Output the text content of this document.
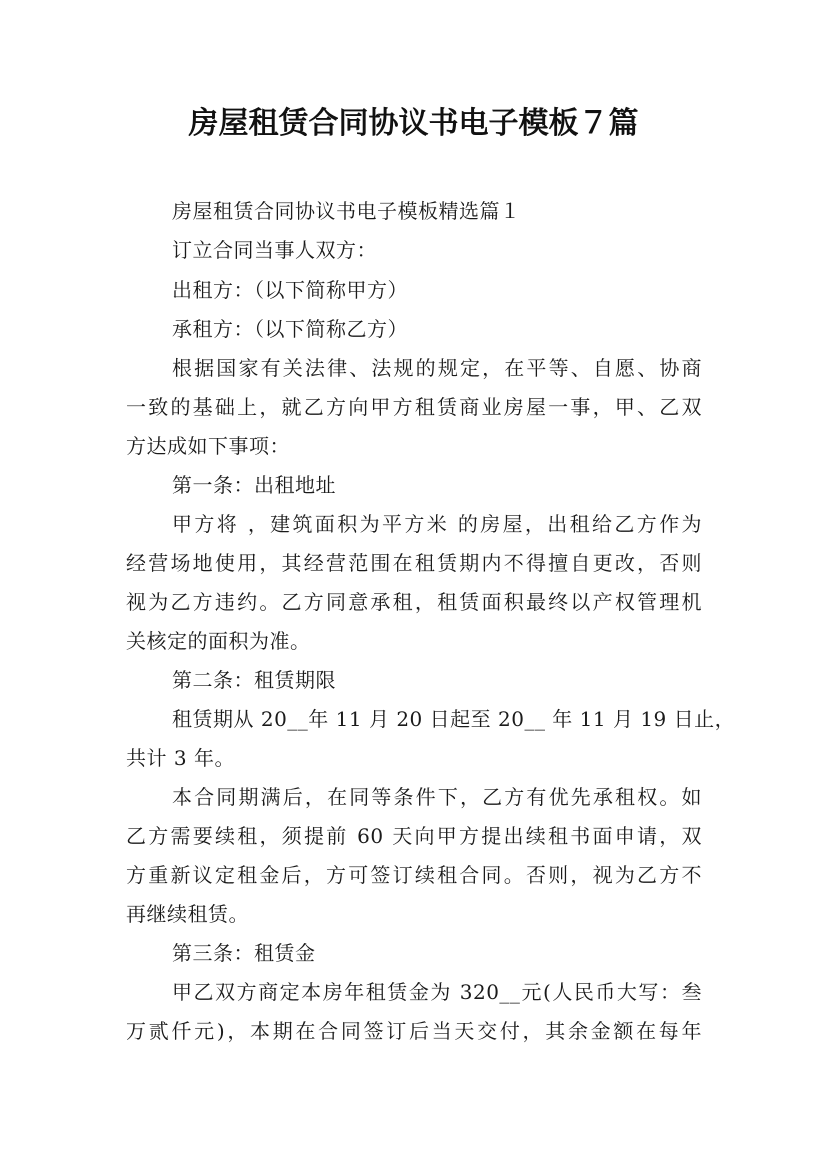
房屋租赁合同协议书电子模板７篇
房屋租赁合同协议书电子模板精选篇１
订立合同当事人双方：
出租方：（以下简称甲方）
承租方：（以下简称乙方）
根据国家有关法律、法规的规定，在平等、自愿、协商
一致的基础上，就乙方向甲方租赁商业房屋一事，甲、乙双
方达成如下事项：
第一条：出租地址
甲方将 ，建筑面积为平方米 的房屋，出租给乙方作为
经营场地使用，其经营范围在租赁期内不得擅自更改，否则
视为乙方违约。乙方同意承租，租赁面积最终以产权管理机
关核定的面积为准。
第二条：租赁期限
租赁期从 20__年 11 月 20 日起至 20__ 年 11 月 19 日止，
共计 3 年。
本合同期满后，在同等条件下，乙方有优先承租权。如
乙方需要续租，须提前 60 天向甲方提出续租书面申请，双
方重新议定租金后，方可签订续租合同。否则，视为乙方不
再继续租赁。
第三条：租赁金
甲乙双方商定本房年租赁金为 320__元(人民币大写：叁
万贰仟元)，本期在合同签订后当天交付，其余金额在每年
